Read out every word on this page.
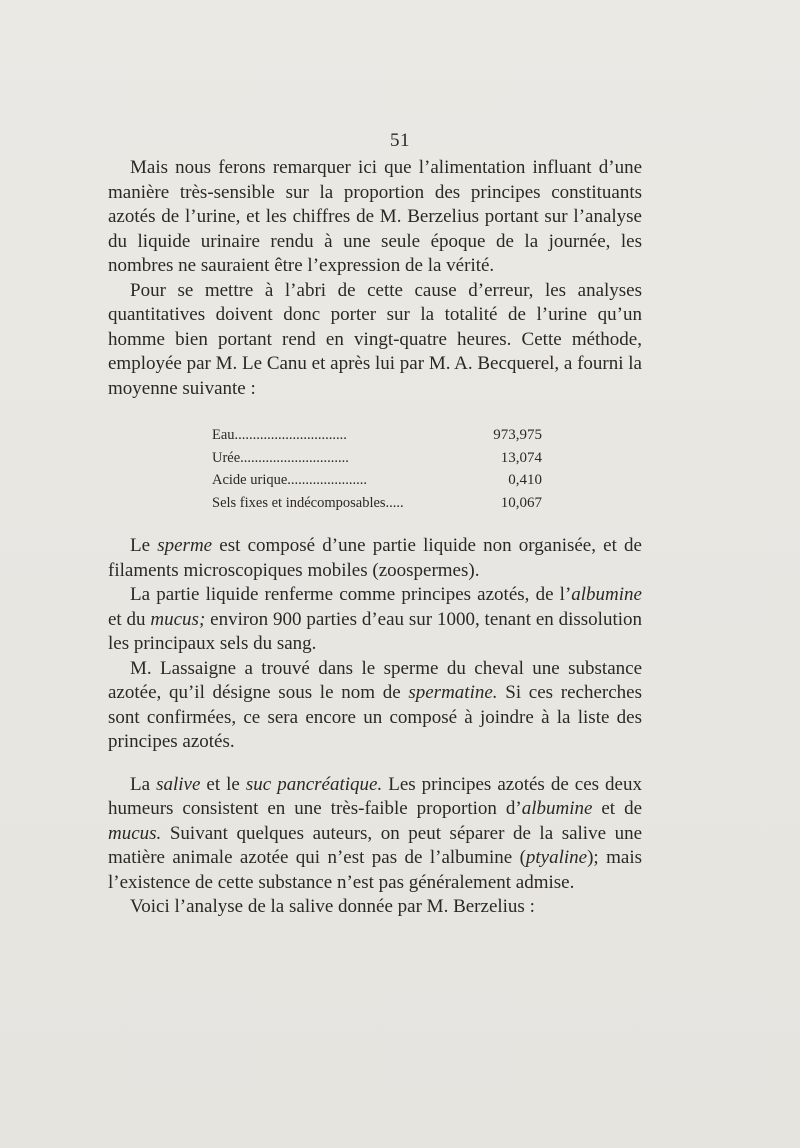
51

Mais nous ferons remarquer ici que l’alimentation influant d’une manière très-sensible sur la proportion des principes constituants azotés de l’urine, et les chiffres de M. Berzelius portant sur l’analyse du liquide urinaire rendu à une seule époque de la journée, les nombres ne sauraient être l’expression de la vérité.

Pour se mettre à l’abri de cette cause d’erreur, les analyses quantitatives doivent donc porter sur la totalité de l’urine qu’un homme bien portant rend en vingt-quatre heures. Cette méthode, employée par M. Le Canu et après lui par M. A. Becquerel, a fourni la moyenne suivante :

Eau...............................	973,975
Urée..............................	13,074
Acide urique......................	0,410
Sels fixes et indécomposables.....	10,067

Le sperme est composé d’une partie liquide non organisée, et de filaments microscopiques mobiles (zoospermes).

La partie liquide renferme comme principes azotés, de l’albumine et du mucus; environ 900 parties d’eau sur 1000, tenant en dissolution les principaux sels du sang.

M. Lassaigne a trouvé dans le sperme du cheval une substance azotée, qu’il désigne sous le nom de spermatine. Si ces recherches sont confirmées, ce sera encore un composé à joindre à la liste des principes azotés.

La salive et le suc pancréatique. Les principes azotés de ces deux humeurs consistent en une très-faible proportion d’albumine et de mucus. Suivant quelques auteurs, on peut séparer de la salive une matière animale azotée qui n’est pas de l’albumine (ptyaline); mais l’existence de cette substance n’est pas généralement admise.

Voici l’analyse de la salive donnée par M. Berzelius :
